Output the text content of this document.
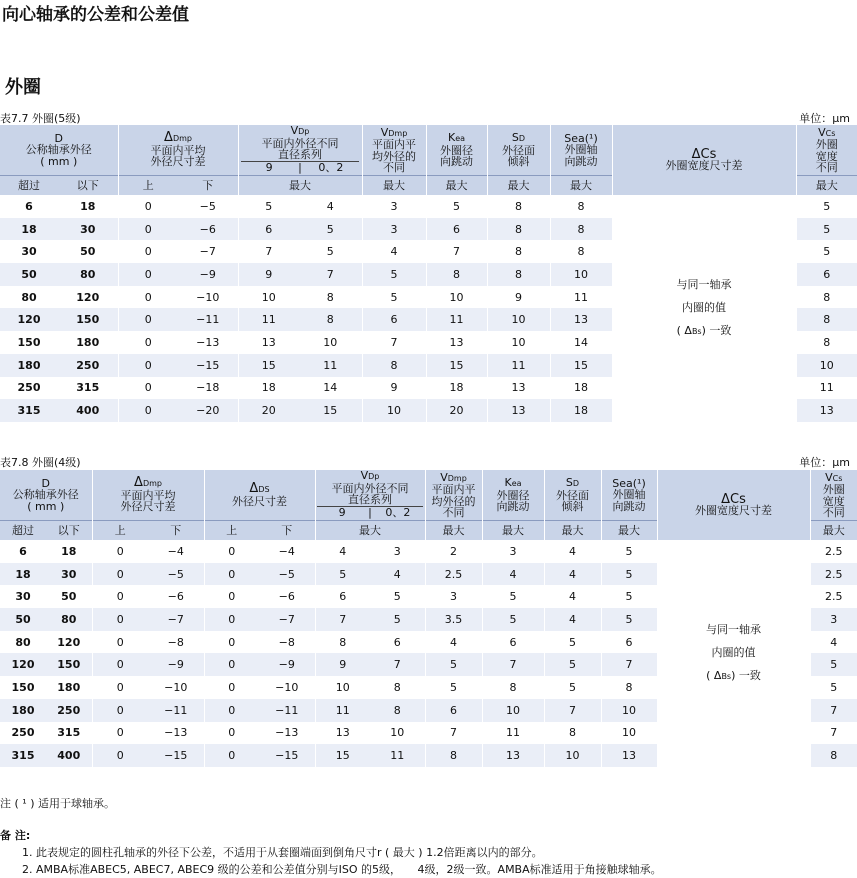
向心轴承的公差和公差值
外圈
表7.7 外圈(5级)	单位：μm
D
公称轴承外径
( mm )		ΔDmp
平面内平均
外径尺寸差		VDp
平面内外径不同
直径系列
9 | 0、2		VDmp
平面内平
均外径的
不同	Kea
外圈径
向跳动	SD
外径面
倾斜	Sea(¹)
外圈轴
向跳动	ΔCs
外圈宽度尺寸差	VCs
外圈
宽度
不同
超过	以下	上	下	最大		最大	最大	最大	最大		最大
6	18	0	−5	5	4	3	5	8	8	与同一轴承
内圈的值
( ΔBs) 一致	5
18	30	0	−6	6	5	3	6	8	8		5
30	50	0	−7	7	5	4	7	8	8		5
50	80	0	−9	9	7	5	8	8	10		6
80	120	0	−10	10	8	5	10	9	11		8
120	150	0	−11	11	8	6	11	10	13		8
150	180	0	−13	13	10	7	13	10	14		8
180	250	0	−15	15	11	8	15	11	15		10
250	315	0	−18	18	14	9	18	13	18		11
315	400	0	−20	20	15	10	20	13	18		13
表7.8 外圈(4级)	单位：μm
D
公称轴承外径
( mm )		ΔDmp
平面内平均
外径尺寸差		ΔDS
外径尺寸差		VDp
平面内外径不同
直径系列
9 | 0、2		VDmp
平面内平
均外径的
不同	Kea
外圈径
向跳动	SD
外径面
倾斜	Sea(¹)
外圈轴
向跳动	ΔCs
外圈宽度尺寸差	VCs
外圈
宽度
不同
超过	以下	上	下	上	下	最大		最大	最大	最大	最大		最大
6	18	0	−4	0	−4	4	3	2	3	4	5	与同一轴承
内圈的值
( ΔBs) 一致	2.5
18	30	0	−5	0	−5	5	4	2.5	4	4	5		2.5
30	50	0	−6	0	−6	6	5	3	5	4	5		2.5
50	80	0	−7	0	−7	7	5	3.5	5	4	5		3
80	120	0	−8	0	−8	8	6	4	6	5	6		4
120	150	0	−9	0	−9	9	7	5	7	5	7		5
150	180	0	−10	0	−10	10	8	5	8	5	8		5
180	250	0	−11	0	−11	11	8	6	10	7	10		7
250	315	0	−13	0	−13	13	10	7	11	8	10		7
315	400	0	−15	0	−15	15	11	8	13	10	13		8
注 ( ¹ ) 适用于球轴承。
备 注:
1. 此表规定的圆柱孔轴承的外径下公差，不适用于从套圈端面到倒角尺寸r ( 最大 ) 1.2倍距离以内的部分。
2. AMBA标准ABEC5, ABEC7, ABEC9 级的公差和公差值分别与ISO 的5级，　　4级，2级一致。AMBA标准适用于角接触球轴承。
